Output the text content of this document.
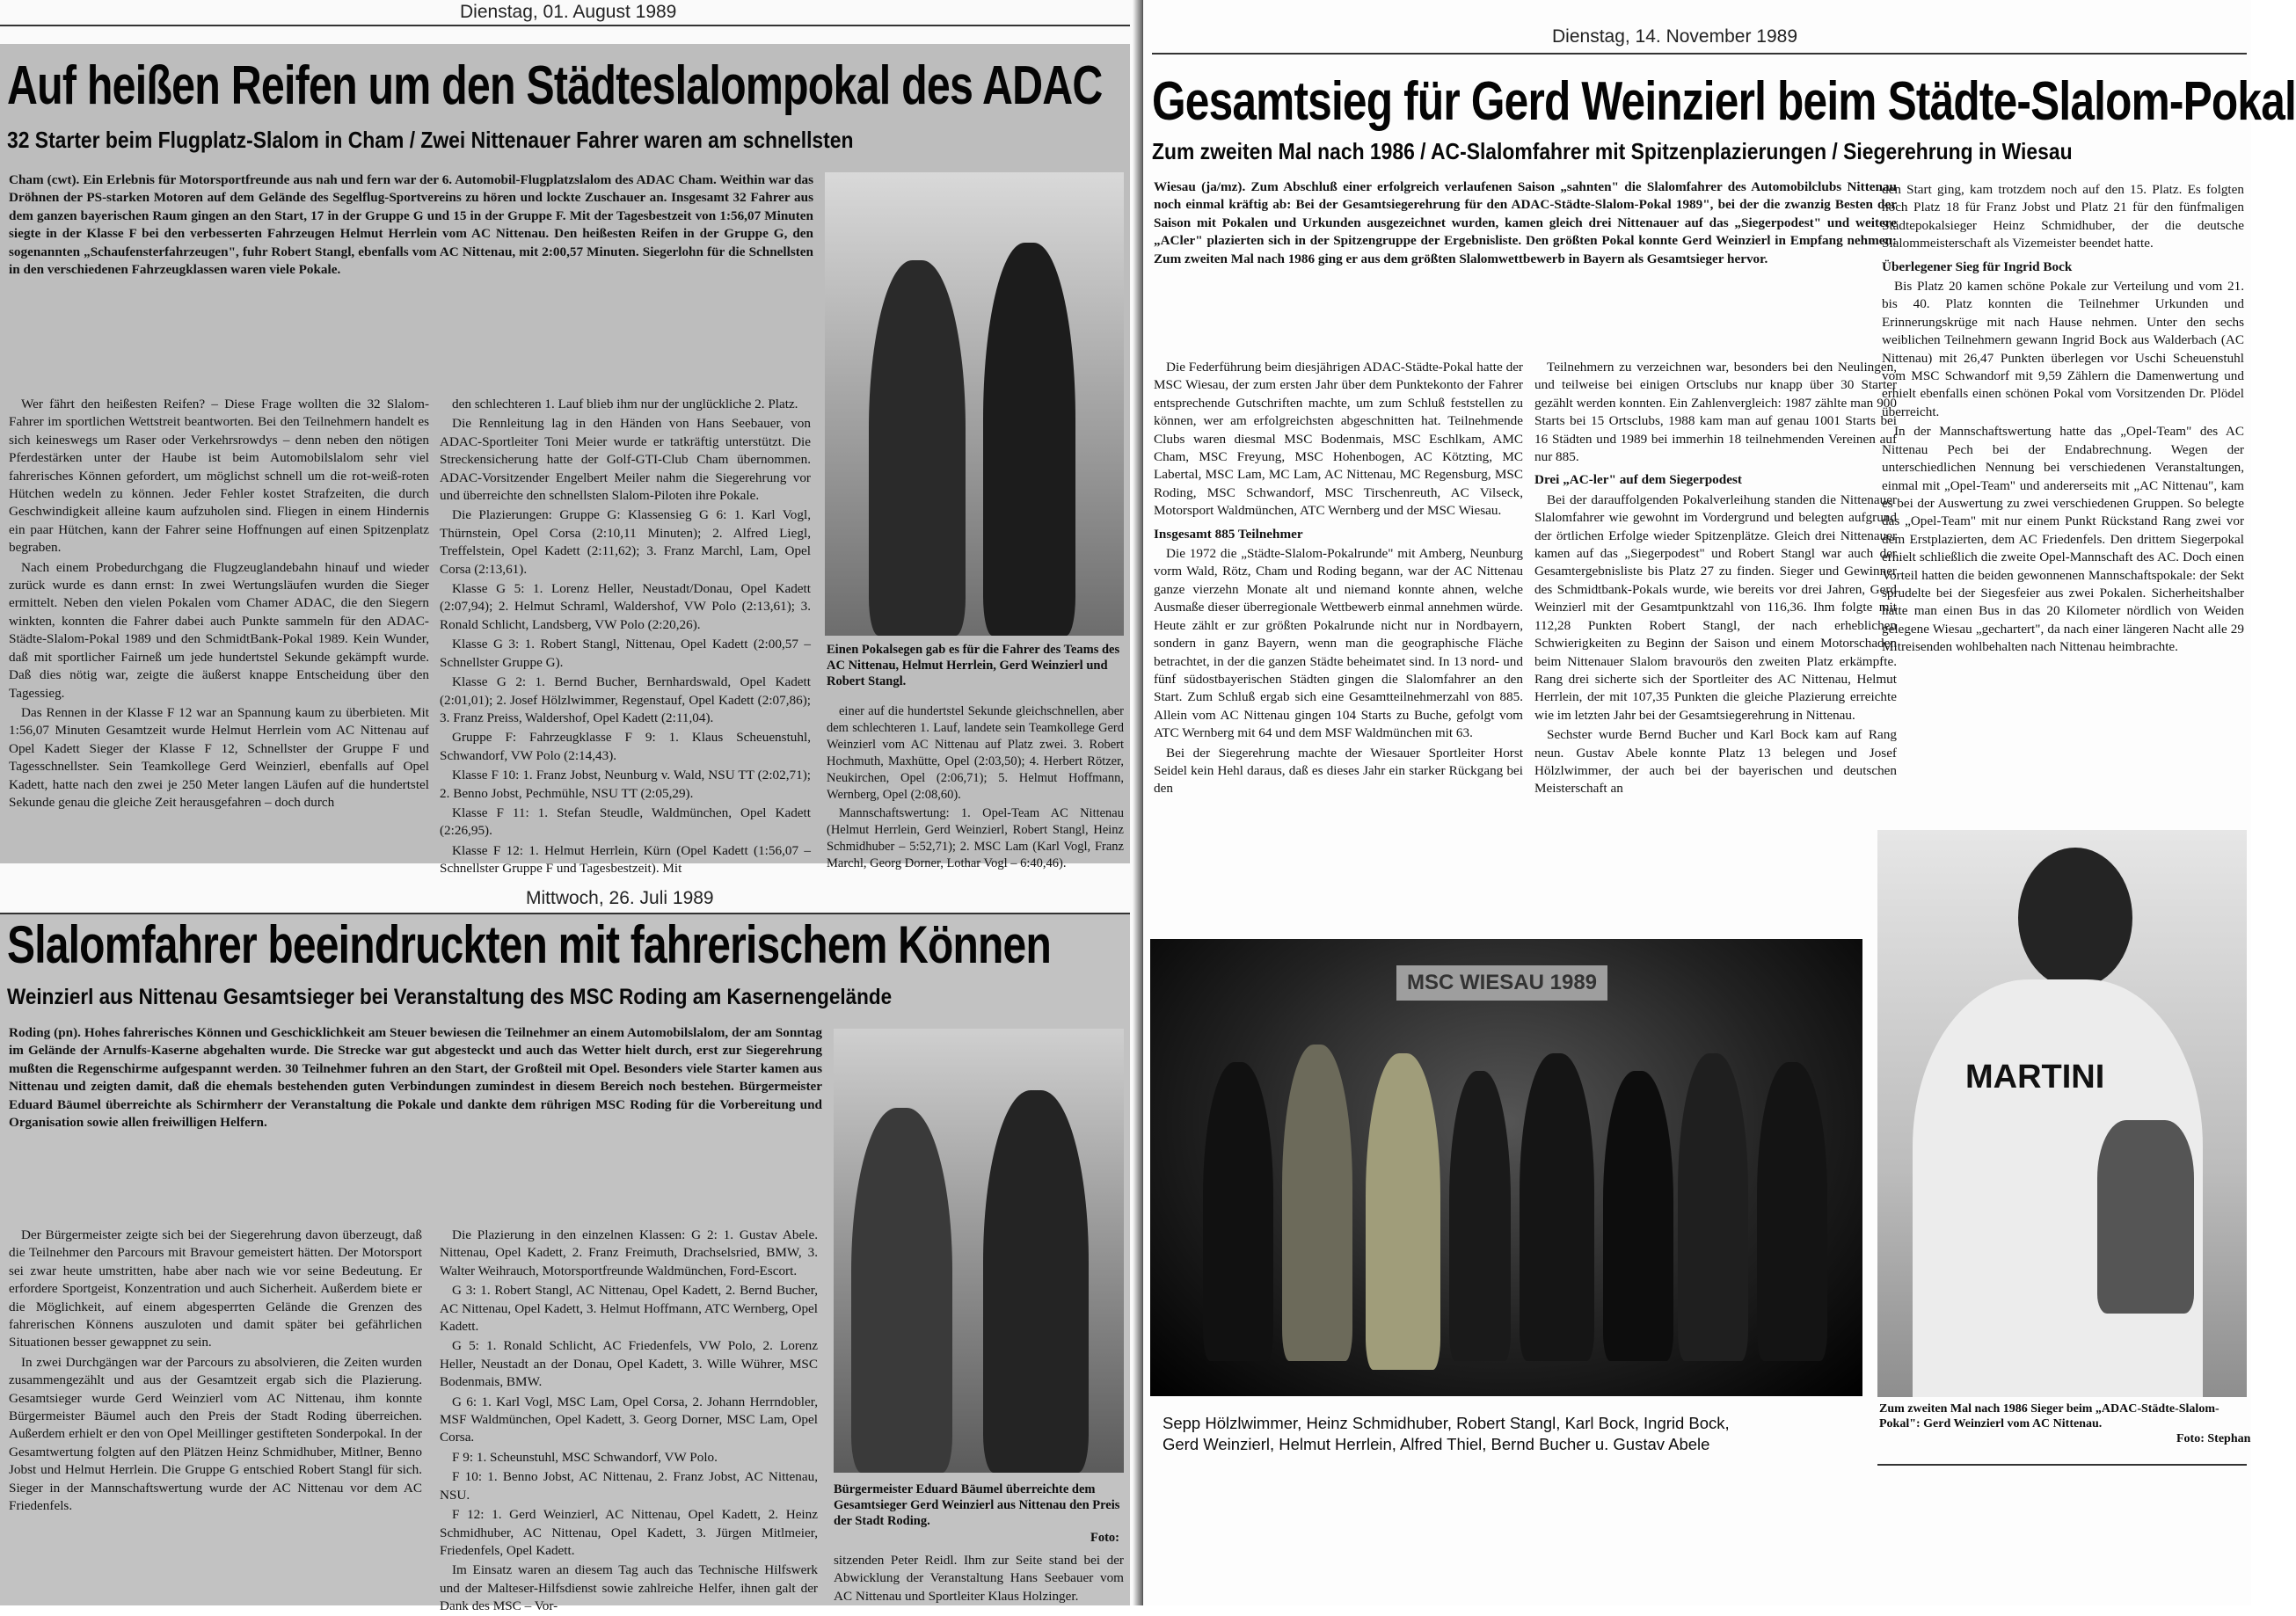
Dienstag, 01. August 1989
Auf heißen Reifen um den Städteslalompokal des ADAC
32 Starter beim Flugplatz-Slalom in Cham / Zwei Nittenauer Fahrer waren am schnellsten

Cham (cwt). Ein Erlebnis für Motorsportfreunde aus nah und fern war der 6. Automobil-Flugplatzslalom des ADAC Cham. Weithin war das Dröhnen der PS-starken Motoren auf dem Gelände des Segelflug-Sportvereins zu hören und lockte Zuschauer an. Insgesamt 32 Fahrer aus dem ganzen bayerischen Raum gingen an den Start, 17 in der Gruppe G und 15 in der Gruppe F. Mit der Tagesbestzeit von 1:56,07 Minuten siegte in der Klasse F bei den verbesserten Fahrzeugen Helmut Herrlein vom AC Nittenau. Den heißesten Reifen in der Gruppe G, den sogenannten „Schaufensterfahrzeugen", fuhr Robert Stangl, ebenfalls vom AC Nittenau, mit 2:00,57 Minuten. Siegerlohn für die Schnellsten in den verschiedenen Fahrzeugklassen waren viele Pokale.

Wer fährt den heißesten Reifen? – Diese Frage wollten die 32 Slalom-Fahrer im sportlichen Wettstreit beantworten. Bei den Teilnehmern handelt es sich keineswegs um Raser oder Verkehrsrowdys – denn neben den nötigen Pferdestärken unter der Haube ist beim Automobilslalom sehr viel fahrerisches Können gefordert, um möglichst schnell um die rot-weiß-roten Hütchen wedeln zu können. Jeder Fehler kostet Strafzeiten, die durch Geschwindigkeit alleine kaum aufzuholen sind. Fliegen in einem Hindernis ein paar Hütchen, kann der Fahrer seine Hoffnungen auf einen Spitzenplatz begraben.

Nach einem Probedurchgang die Flugzeuglandebahn hinauf und wieder zurück wurde es dann ernst: In zwei Wertungsläufen wurden die Sieger ermittelt. Neben den vielen Pokalen vom Chamer ADAC, die den Siegern winkten, konnten die Fahrer dabei auch Punkte sammeln für den ADAC-Städte-Slalom-Pokal 1989 und den SchmidtBank-Pokal 1989. Kein Wunder, daß mit sportlicher Fairneß um jede hundertstel Sekunde gekämpft wurde. Daß dies nötig war, zeigte die äußerst knappe Entscheidung über den Tagessieg.

Das Rennen in der Klasse F 12 war an Spannung kaum zu überbieten. Mit 1:56,07 Minuten Gesamtzeit wurde Helmut Herrlein vom AC Nittenau auf Opel Kadett Sieger der Klasse F 12, Schnellster der Gruppe F und Tagesschnellster. Sein Teamkollege Gerd Weinzierl, ebenfalls auf Opel Kadett, hatte nach den zwei je 250 Meter langen Läufen auf die hundertstel Sekunde genau die gleiche Zeit herausgefahren – doch durch

den schlechteren 1. Lauf blieb ihm nur der unglückliche 2. Platz.

Die Rennleitung lag in den Händen von Hans Seebauer, von ADAC-Sportleiter Toni Meier wurde er tatkräftig unterstützt. Die Streckensicherung hatte der Golf-GTI-Club Cham übernommen. ADAC-Vorsitzender Engelbert Meiler nahm die Siegerehrung vor und überreichte den schnellsten Slalom-Piloten ihre Pokale.

Die Plazierungen: Gruppe G: Klassensieg G 6: 1. Karl Vogl, Thürnstein, Opel Corsa (2:10,11 Minuten); 2. Alfred Liegl, Treffelstein, Opel Kadett (2:11,62); 3. Franz Marchl, Lam, Opel Corsa (2:13,61).

Klasse G 5: 1. Lorenz Heller, Neustadt/Donau, Opel Kadett (2:07,94); 2. Helmut Schraml, Waldershof, VW Polo (2:13,61); 3. Ronald Schlicht, Landsberg, VW Polo (2:20,26).

Klasse G 3: 1. Robert Stangl, Nittenau, Opel Kadett (2:00,57 – Schnellster Gruppe G).

Klasse G 2: 1. Bernd Bucher, Bernhardswald, Opel Kadett (2:01,01); 2. Josef Hölzlwimmer, Regenstauf, Opel Kadett (2:07,86); 3. Franz Preiss, Waldershof, Opel Kadett (2:11,04).

Gruppe F: Fahrzeugklasse F 9: 1. Klaus Scheuenstuhl, Schwandorf, VW Polo (2:14,43).

Klasse F 10: 1. Franz Jobst, Neunburg v. Wald, NSU TT (2:02,71); 2. Benno Jobst, Pechmühle, NSU TT (2:05,29).

Klasse F 11: 1. Stefan Steudle, Waldmünchen, Opel Kadett (2:26,95).

Klasse F 12: 1. Helmut Herrlein, Kürn (Opel Kadett (1:56,07 – Schnellster Gruppe F und Tagesbestzeit). Mit

Einen Pokalsegen gab es für die Fahrer des Teams des AC Nittenau, Helmut Herrlein, Gerd Weinzierl und Robert Stangl.

einer auf die hundertstel Sekunde gleichschnellen, aber dem schlechteren 1. Lauf, landete sein Teamkollege Gerd Weinzierl vom AC Nittenau auf Platz zwei. 3. Robert Hochmuth, Maxhütte, Opel (2:03,50); 4. Herbert Rötzer, Neukirchen, Opel (2:06,71); 5. Helmut Hoffmann, Wernberg, Opel (2:08,60).

Mannschaftswertung: 1. Opel-Team AC Nittenau (Helmut Herrlein, Gerd Weinzierl, Robert Stangl, Heinz Schmidhuber – 5:52,71); 2. MSC Lam (Karl Vogl, Franz Marchl, Georg Dorner, Lothar Vogl – 6:40,46).

Mittwoch, 26. Juli 1989
Slalomfahrer beeindruckten mit fahrerischem Können
Weinzierl aus Nittenau Gesamtsieger bei Veranstaltung des MSC Roding am Kasernengelände

Roding (pn). Hohes fahrerisches Können und Geschicklichkeit am Steuer bewiesen die Teilnehmer an einem Automobilslalom, der am Sonntag im Gelände der Arnulfs-Kaserne abgehalten wurde. Die Strecke war gut abgesteckt und auch das Wetter hielt durch, erst zur Siegerehrung mußten die Regenschirme aufgespannt werden. 30 Teilnehmer fuhren an den Start, der Großteil mit Opel. Besonders viele Starter kamen aus Nittenau und zeigten damit, daß die ehemals bestehenden guten Verbindungen zumindest in diesem Bereich noch bestehen. Bürgermeister Eduard Bäumel überreichte als Schirmherr der Veranstaltung die Pokale und dankte dem rührigen MSC Roding für die Vorbereitung und Organisation sowie allen freiwilligen Helfern.

Der Bürgermeister zeigte sich bei der Siegerehrung davon überzeugt, daß die Teilnehmer den Parcours mit Bravour gemeistert hätten. Der Motorsport sei zwar heute umstritten, habe aber nach wie vor seine Bedeutung. Er erfordere Sportgeist, Konzentration und auch Sicherheit. Außerdem biete er die Möglichkeit, auf einem abgesperrten Gelände die Grenzen des fahrerischen Könnens auszuloten und damit später bei gefährlichen Situationen besser gewappnet zu sein.

In zwei Durchgängen war der Parcours zu absolvieren, die Zeiten wurden zusammengezählt und aus der Gesamtzeit ergab sich die Plazierung. Gesamtsieger wurde Gerd Weinzierl vom AC Nittenau, ihm konnte Bürgermeister Bäumel auch den Preis der Stadt Roding überreichen. Außerdem erhielt er den von Opel Meillinger gestifteten Sonderpokal. In der Gesamtwertung folgten auf den Plätzen Heinz Schmidhuber, Mitlner, Benno Jobst und Helmut Herrlein. Die Gruppe G entschied Robert Stangl für sich. Sieger in der Mannschaftswertung wurde der AC Nittenau vor dem AC Friedenfels.

Die Plazierung in den einzelnen Klassen: G 2: 1. Gustav Abele. Nittenau, Opel Kadett, 2. Franz Freimuth, Drachselsried, BMW, 3. Walter Weihrauch, Motorsportfreunde Waldmünchen, Ford-Escort.

G 3: 1. Robert Stangl, AC Nittenau, Opel Kadett, 2. Bernd Bucher, AC Nittenau, Opel Kadett, 3. Helmut Hoffmann, ATC Wernberg, Opel Kadett.

G 5: 1. Ronald Schlicht, AC Friedenfels, VW Polo, 2. Lorenz Heller, Neustadt an der Donau, Opel Kadett, 3. Wille Wührer, MSC Bodenmais, BMW.

G 6: 1. Karl Vogl, MSC Lam, Opel Corsa, 2. Johann Herrndobler, MSF Waldmünchen, Opel Kadett, 3. Georg Dorner, MSC Lam, Opel Corsa.

F 9: 1. Scheunstuhl, MSC Schwandorf, VW Polo.

F 10: 1. Benno Jobst, AC Nittenau, 2. Franz Jobst, AC Nittenau, NSU.

F 12: 1. Gerd Weinzierl, AC Nittenau, Opel Kadett, 2. Heinz Schmidhuber, AC Nittenau, Opel Kadett, 3. Jürgen Mitlmeier, Friedenfels, Opel Kadett.

Im Einsatz waren an diesem Tag auch das Technische Hilfswerk und der Malteser-Hilfsdienst sowie zahlreiche Helfer, ihnen galt der Dank des MSC – Vor-

Bürgermeister Eduard Bäumel überreichte dem Gesamtsieger Gerd Weinzierl aus Nittenau den Preis der Stadt Roding.
Foto:

sitzenden Peter Reidl. Ihm zur Seite stand bei der Abwicklung der Veranstaltung Hans Seebauer vom AC Nittenau und Sportleiter Klaus Holzinger.

Dienstag, 14. November 1989
Gesamtsieg für Gerd Weinzierl beim Städte-Slalom-Pokal
Zum zweiten Mal nach 1986 / AC-Slalomfahrer mit Spitzenplazierungen / Siegerehrung in Wiesau

Wiesau (ja/mz). Zum Abschluß einer erfolgreich verlaufenen Saison „sahnten" die Slalomfahrer des Automobilclubs Nittenau noch einmal kräftig ab: Bei der Gesamtsiegerehrung für den ADAC-Städte-Slalom-Pokal 1989", bei der die zwanzig Besten der Saison mit Pokalen und Urkunden ausgezeichnet wurden, kamen gleich drei Nittenauer auf das „Siegerpodest" und weitere „ACler" plazierten sich in der Spitzengruppe der Ergebnisliste. Den größten Pokal konnte Gerd Weinzierl in Empfang nehmen: Zum zweiten Mal nach 1986 ging er aus dem größten Slalomwettbewerb in Bayern als Gesamtsieger hervor.

Die Federführung beim diesjährigen ADAC-Städte-Pokal hatte der MSC Wiesau, der zum ersten Jahr über dem Punktekonto der Fahrer entsprechende Gutschriften machte, um zum Schluß feststellen zu können, wer am erfolgreichsten abgeschnitten hat. Teilnehmende Clubs waren diesmal MSC Bodenmais, MSC Eschlkam, AMC Cham, MSC Freyung, MSC Hohenbogen, AC Kötzting, MC Labertal, MSC Lam, MC Lam, AC Nittenau, MC Regensburg, MSC Roding, MSC Schwandorf, MSC Tirschenreuth, AC Vilseck, Motorsport Waldmünchen, ATC Wernberg und der MSC Wiesau.

Insgesamt 885 Teilnehmer

Die 1972 die „Städte-Slalom-Pokalrunde" mit Amberg, Neunburg vorm Wald, Rötz, Cham und Roding begann, war der AC Nittenau ganze vierzehn Monate alt und niemand konnte ahnen, welche Ausmaße dieser überregionale Wettbewerb einmal annehmen würde. Heute zählt er zur größten Pokalrunde nicht nur in Nordbayern, sondern in ganz Bayern, wenn man die geographische Fläche betrachtet, in der die ganzen Städte beheimatet sind. In 13 nord- und fünf südostbayerischen Städten gingen die Slalomfahrer an den Start. Zum Schluß ergab sich eine Gesamtteilnehmerzahl von 885. Allein vom AC Nittenau gingen 104 Starts zu Buche, gefolgt vom ATC Wernberg mit 64 und dem MSF Waldmünchen mit 63.

Bei der Siegerehrung machte der Wiesauer Sportleiter Horst Seidel kein Hehl daraus, daß es dieses Jahr ein starker Rückgang bei den

Teilnehmern zu verzeichnen war, besonders bei den Neulingen, und teilweise bei einigen Ortsclubs nur knapp über 30 Starter gezählt werden konnten. Ein Zahlenvergleich: 1987 zählte man 900 Starts bei 15 Ortsclubs, 1988 kam man auf genau 1001 Starts bei 16 Städten und 1989 bei immerhin 18 teilnehmenden Vereinen auf nur 885.

Drei „AC-ler" auf dem Siegerpodest

Bei der darauffolgenden Pokalverleihung standen die Nittenauer Slalomfahrer wie gewohnt im Vordergrund und belegten aufgrund der örtlichen Erfolge wieder Spitzenplätze. Gleich drei Nittenauer kamen auf das „Siegerpodest" und Robert Stangl war auch der Gesamtergebnisliste bis Platz 27 zu finden. Sieger und Gewinner des Schmidtbank-Pokals wurde, wie bereits vor drei Jahren, Gerd Weinzierl mit der Gesamtpunktzahl von 116,36. Ihm folgte mit 112,28 Punkten Robert Stangl, der nach erheblichen Schwierigkeiten zu Beginn der Saison und einem Motorschaden beim Nittenauer Slalom bravourös den zweiten Platz erkämpfte. Rang drei sicherte sich der Sportleiter des AC Nittenau, Helmut Herrlein, der mit 107,35 Punkten die gleiche Plazierung erreichte wie im letzten Jahr bei der Gesamtsiegerehrung in Nittenau.

Sechster wurde Bernd Bucher und Karl Bock kam auf Rang neun. Gustav Abele konnte Platz 13 belegen und Josef Hölzlwimmer, der auch bei der bayerischen und deutschen Meisterschaft an

den Start ging, kam trotzdem noch auf den 15. Platz. Es folgten noch Platz 18 für Franz Jobst und Platz 21 für den fünfmaligen Städtepokalsieger Heinz Schmidhuber, der die deutsche Slalommeisterschaft als Vizemeister beendet hatte.

Überlegener Sieg für Ingrid Bock

Bis Platz 20 kamen schöne Pokale zur Verteilung und vom 21. bis 40. Platz konnten die Teilnehmer Urkunden und Erinnerungskrüge mit nach Hause nehmen. Unter den sechs weiblichen Teilnehmern gewann Ingrid Bock aus Walderbach (AC Nittenau) mit 26,47 Punkten überlegen vor Uschi Scheuenstuhl vom MSC Schwandorf mit 9,59 Zählern die Damenwertung und erhielt ebenfalls einen schönen Pokal vom Vorsitzenden Dr. Plödel überreicht.

In der Mannschaftswertung hatte das „Opel-Team" des AC Nittenau Pech bei der Endabrechnung. Wegen der unterschiedlichen Nennung bei verschiedenen Veranstaltungen, einmal mit „Opel-Team" und andererseits mit „AC Nittenau", kam es bei der Auswertung zu zwei verschiedenen Gruppen. So belegte das „Opel-Team" mit nur einem Punkt Rückstand Rang zwei vor dem Erstplazierten, dem AC Friedenfels. Den drittem Siegerpokal erhielt schließlich die zweite Opel-Mannschaft des AC. Doch einen Vorteil hatten die beiden gewonnenen Mannschaftspokale: der Sekt sprudelte bei der Siegesfeier aus zwei Pokalen. Sicherheitshalber hatte man einen Bus in das 20 Kilometer nördlich von Weiden gelegene Wiesau „gechartert", da nach einer längeren Nacht alle 29 Mitreisenden wohlbehalten nach Nittenau heimbrachte.

MSC WIESAU 1989
Sepp Hölzlwimmer, Heinz Schmidhuber, Robert Stangl, Karl Bock, Ingrid Bock,
Gerd Weinzierl, Helmut Herrlein, Alfred Thiel, Bernd Bucher u. Gustav Abele
MARTINI
Zum zweiten Mal nach 1986 Sieger beim „ADAC-Städte-Slalom-Pokal": Gerd Weinzierl vom AC Nittenau.
Foto: Stephan
